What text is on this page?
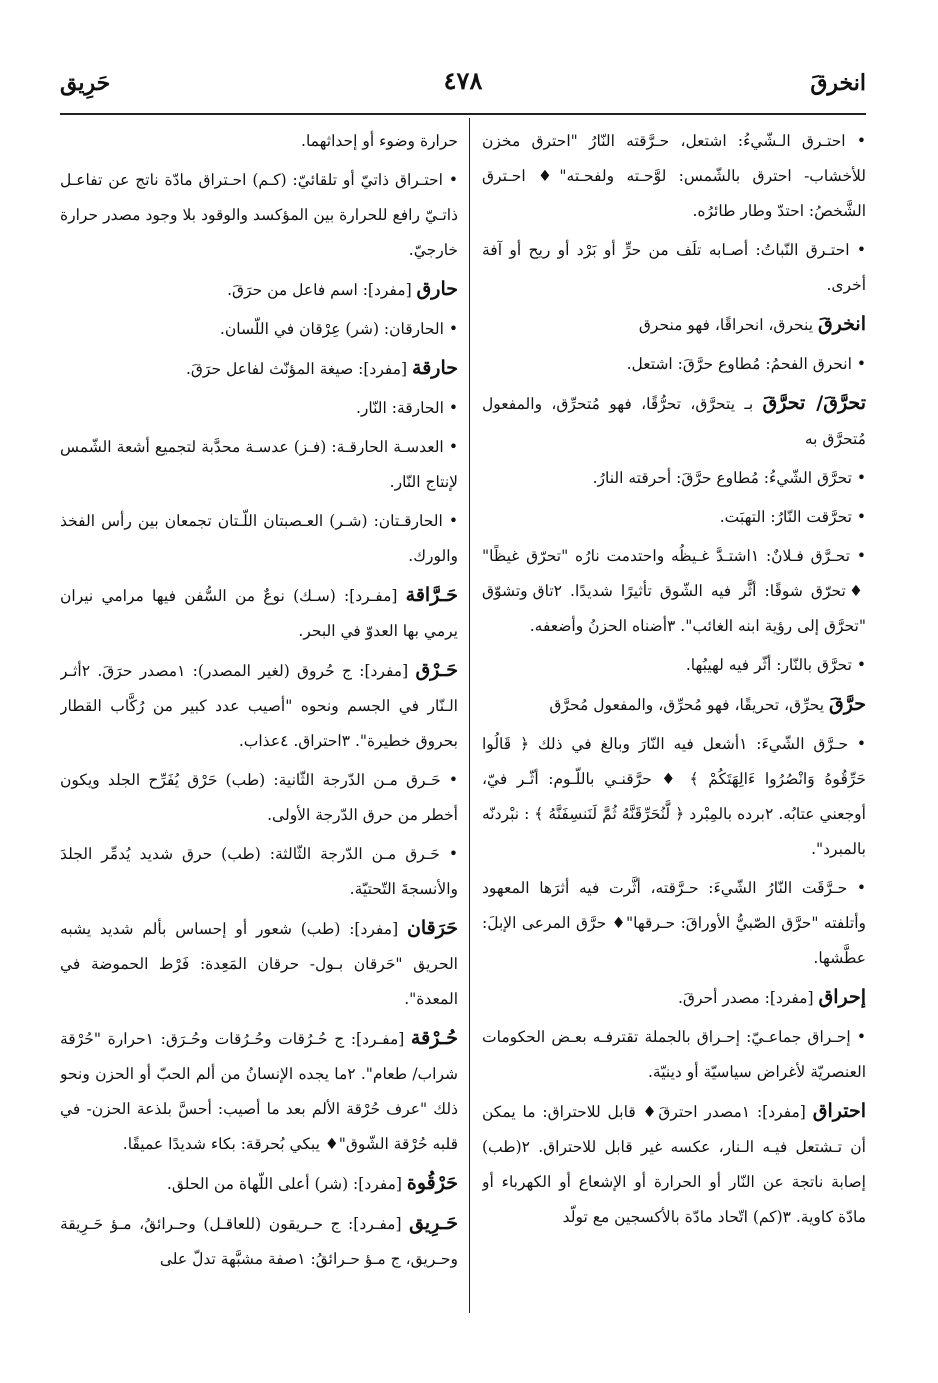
انخرقَ
٤٧٨
حَرِيق

• احتـرق الـشّيءُ: اشتعل، حـرَّقته النّارُ "احترق مخزن للأخشاب- احترق بالشّمس: لوَّحـته ولفحـته"♦ احـترق الشَّخصُ: احتدّ وطار طائرُه.

• احتـرق النّباتُ: أصـابه تلَف من حرٍّ أو بَرْد أو ريح أو آفة أخرى.

انخرقَ ينحرق، انحراقًا، فهو منحرق

• انحرق الفحمُ: مُطاوع حرَّقَ: اشتعل.

تحرَّقَ/ تحرَّقَ بـ يتحرَّق، تحرُّقًا، فهو مُتحرِّق، والمفعول مُتحرَّق به

• تحرَّق الشّيءُ: مُطاوع حرَّقَ: أحرقته النارُ.

• تحرَّقت النّارُ: التهبَت.

• تحـرَّق فـلانٌ: ١اشتـدَّ غـيظُه واحتدمت نارُه "تحرّق غيظًا" ♦تحرّق شوقًا: أثَّر فيه الشّوق تأثيرًا شديدًا. ٢تاق وتشوّق "تحرَّق إلى رؤية ابنه الغائب". ٣أضناه الحزنُ وأضعفه.

• تحرَّق بالنّار: أثّر فيه لهيبُها.

حرَّقَ يحرِّق، تحريقًا، فهو مُحرِّق، والمفعول مُحرَّق

• حـرَّق الشّيءَ: ١أشعل فيه النّارَ وبالغ في ذلك ﴿ قَالُوا حَرِّقُوهُ وَانْصُرُوا ءَالِهَتَكُمْ ﴾ ♦ حرَّقنـي باللّـوم: أثّـر فيّ، أوجعني عتابُه. ٢برده بالمِبْرد ﴿ لَّنُحَرِّقَنَّهُ ثُمَّ لَنَنسِفَنَّهُ ﴾ : نبْردنّه بالمبرد".

• حـرَّقَت النّارُ الشّيءَ: حـرَّقته، أثَّرت فيه أثرَها المعهود وأتلفته "حرَّق الصّبيُّ الأوراقَ: حـرقها"♦ حرَّق المرعى الإبلَ: عطَّشها.

إحراق [مفرد]: مصدر أحرقَ.

• إحـراق جماعـيّ: إحـراق بالجملة تقترفـه بعـض الحكومات العنصريّة لأغراض سياسيّة أو دينيّة.

احتراق [مفرد]: ١مصدر احترقَ♦ قابل للاحتراق: ما يمكن أن تـشتعل فيـه الـنار، عكسه غير قابل للاحتراق. ٢(طب) إصابة ناتجة عن النّار أو الحرارة أو الإشعاع أو الكهرباء أو مادّة كاوية. ٣(كم) اتّحاد مادّة بالأكسجين مع تولّد

حرارة وضوء أو إحداثهما.

• احتـراق ذاتيّ أو تلقائيّ: (كـم) احـتراق مادّة ناتج عن تفاعـل ذاتـيّ رافع للحرارة بين المؤكسد والوقود بلا وجود مصدر حرارة خارجيّ.

حارق [مفرد]: اسم فاعل من حرَقَ.

• الحارقان: (شر) عِرْقان في اللّسان.

حارقة [مفرد]: صيغة المؤنّث لفاعل حرَقَ.

• الحارقة: النّار.

• العدسـة الحارقـة: (فـز) عدسـة محدَّبة لتجميع أشعة الشّمس لإنتاج النّار.

• الحارقـتان: (شـر) العـصبتان اللّـتان تجمعان بين رأس الفخذ والورك.

حَـرَّاقة [مفـرد]: (سـك) نوعٌ من السُّفن فيها مرامي نيران يرمي بها العدوّ في البحر.

حَـرْق [مفرد]: ج حُروق (لغير المصدر): ١مصدر حرَقَ. ٢أثـر الـنّار في الجسم ونحوه "أصيب عدد كبير من رُكَّاب القطار بحروق خطيرة". ٣احتراق. ٤عذاب.

• حَـرق مـن الدّرجة الثّانية: (طب) حَرْق يُفَرِّح الجلد ويكون أخطر من حرق الدّرجة الأولى.

• حَـرق مـن الدّرجة الثّالثة: (طب) حرق شديد يُدمِّر الجلدَ والأنسجةَ التّحتيّة.

حَرَقان [مفرد]: (طب) شعور أو إحساس بألم شديد يشبه الحريق "حَرقان بـول- حرقان المَعِدة: فَرْط الحموضة في المعدة".

حُـرْقة [مفـرد]: ج حُـرُقات وحُـرُقات وحُـرَق: ١حرارة "حُرْقة شراب/ طعام". ٢ما يجده الإنسانُ من ألم الحبّ أو الحزن ونحو ذلك "عرف حُرْقة الألم بعد ما أصيب: أحسَّ بلذعة الحزن- في قلبه حُرْقة الشّوق"♦ يبكي بُحرقة: بكاء شديدًا عميقًا.

حَرْقُوة [مفرد]: (شر) أعلى اللّهاة من الحلق.

حَـرِيق [مفـرد]: ج حـريقون (للعاقـل) وحـرائقُ، مـؤ حَـرِيقة وحـريق، ج مـؤ حـرائقُ: ١صفة مشبَّهة تدلّ على
